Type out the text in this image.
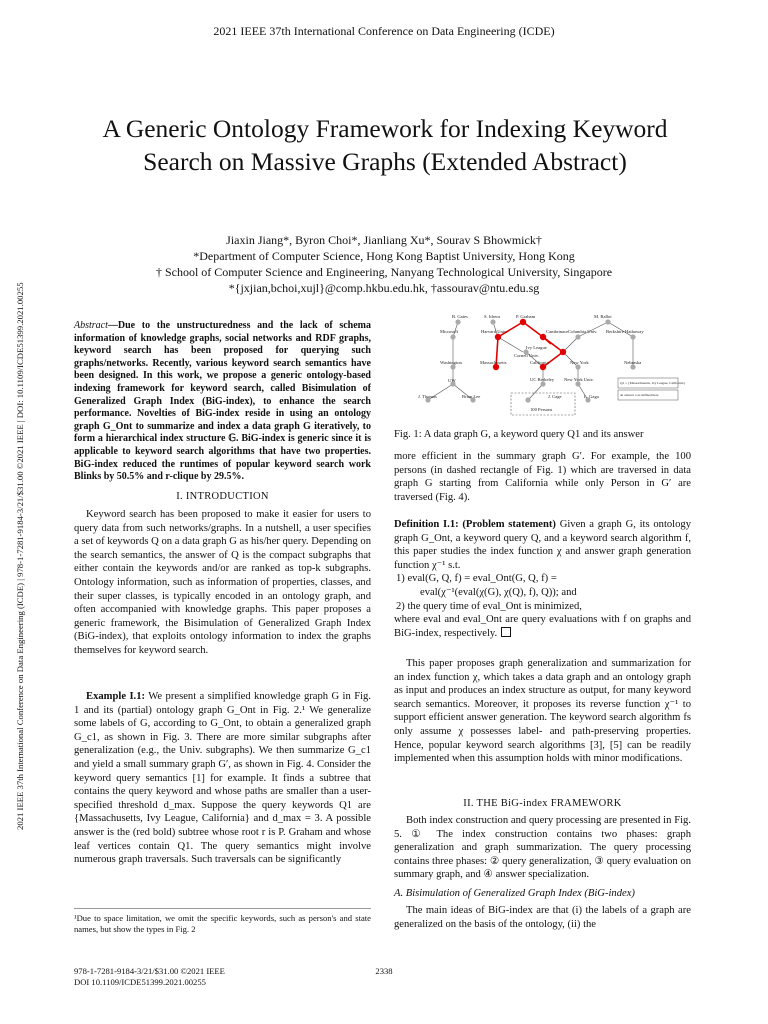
2021 IEEE 37th International Conference on Data Engineering (ICDE)
2021 IEEE 37th International Conference on Data Engineering (ICDE) | 978-1-7281-9184-3/21/$31.00 ©2021 IEEE | DOI: 10.1109/ICDE51399.2021.00255
A Generic Ontology Framework for Indexing Keyword Search on Massive Graphs (Extended Abstract)
Jiaxin Jiang*, Byron Choi*, Jianliang Xu*, Sourav S Bhowmick†
*Department of Computer Science, Hong Kong Baptist University, Hong Kong
† School of Computer Science and Engineering, Nanyang Technological University, Singapore
*{jxjian,bchoi,xujl}@comp.hkbu.edu.hk, †assourav@ntu.edu.sg

Abstract—Due to the unstructuredness and the lack of schema information of knowledge graphs, social networks and RDF graphs, keyword search has been proposed for querying such graphs/networks. Recently, various keyword search semantics have been designed. In this work, we propose a generic ontology-based indexing framework for keyword search, called Bisimulation of Generalized Graph Index (BiG-index), to enhance the search performance. Novelties of BiG-index reside in using an ontology graph G_Ont to summarize and index a data graph G iteratively, to form a hierarchical index structure 𝔾. BiG-index is generic since it is applicable to keyword search algorithms that have two properties. BiG-index reduced the runtimes of popular keyword search work Blinks by 50.5% and r-clique by 29.5%.

I. INTRODUCTION

Keyword search has been proposed to make it easier for users to query data from such networks/graphs. In a nutshell, a user specifies a set of keywords Q on a data graph G as his/her query. Depending on the search semantics, the answer of Q is the compact subgraphs that either contain the keywords and/or are ranked as top-k subgraphs. Ontology information, such as information of properties, classes, and their super classes, is typically encoded in an ontology graph, and often accompanied with knowledge graphs. This paper proposes a generic framework, the Bisimulation of Generalized Graph Index (BiG-index), that exploits ontology information to index the graphs themselves for keyword search.

Example I.1: We present a simplified knowledge graph G in Fig. 1 and its (partial) ontology graph G_Ont in Fig. 2.¹ We generalize some labels of G, according to G_Ont, to obtain a generalized graph G_c1, as shown in Fig. 3. There are more similar subgraphs after generalization (e.g., the Univ. subgraphs). We then summarize G_c1 and yield a small summary graph G′, as shown in Fig. 4. Consider the keyword query semantics [1] for example. It finds a subtree that contains the query keyword and whose paths are smaller than a user-specified threshold d_max. Suppose the query keywords Q1 are {Massachusetts, Ivy League, California} and d_max = 3. A possible answer is the (red bold) subtree whose root r is P. Graham and whose leaf vertices contain Q1. The query semantics might involve numerous graph traversals. Such traversals can be significantly

¹Due to space limitation, we omit the specific keywords, such as person's and state names, but show the types in Fig. 2
B. Gates	S. Idreos	P. Graham	M. Ballot
Microsoft	Harvard Univ.	Cambrinace Columbia Univ. Berkshire Hathaway
Ivy League
Cornell Univ.
Washington	Massachusetts	California	New York	Nebraska
UW	UC Berkeley New York Univ.
J. Thomas	Brian Lee	J. Cage	L. Gaga
100 Persons
Q1 = {Massachusetts, Ivy League, California}
an answer a as defined here
Fig. 1: A data graph G, a keyword query Q1 and its answer

more efficient in the summary graph G′. For example, the 100 persons (in dashed rectangle of Fig. 1) which are traversed in data graph G starting from California while only Person in G′ are traversed (Fig. 4).

Definition I.1: (Problem statement) Given a graph G, its ontology graph G_Ont, a keyword query Q, and a keyword search algorithm f, this paper studies the index function χ and answer graph generation function χ⁻¹ s.t.

1) eval(G, Q, f) = eval_Ont(G, Q, f) =

eval(χ⁻¹(eval(χ(G), χ(Q), f), Q)); and

2) the query time of eval_Ont is minimized,

where eval and eval_Ont are query evaluations with f on graphs and BiG-index, respectively.

This paper proposes graph generalization and summarization for an index function χ, which takes a data graph and an ontology graph as input and produces an index structure as output, for many keyword search semantics. Moreover, it proposes its reverse function χ⁻¹ to support efficient answer generation. The keyword search algorithm fs only assume χ possesses label- and path-preserving properties. Hence, popular keyword search algorithms [3], [5] can be readily implemented when this assumption holds with minor modifications.

II. THE BiG-index FRAMEWORK

Both index construction and query processing are presented in Fig. 5. ① The index construction contains two phases: graph generalization and graph summarization. The query processing contains three phases: ② query generalization, ③ query evaluation on summary graph, and ④ answer specialization.

A. Bisimulation of Generalized Graph Index (BiG-index)

The main ideas of BiG-index are that (i) the labels of a graph are generalized on the basis of the ontology, (ii) the

978-1-7281-9184-3/21/$31.00 ©2021 IEEE
DOI 10.1109/ICDE51399.2021.00255
2338
